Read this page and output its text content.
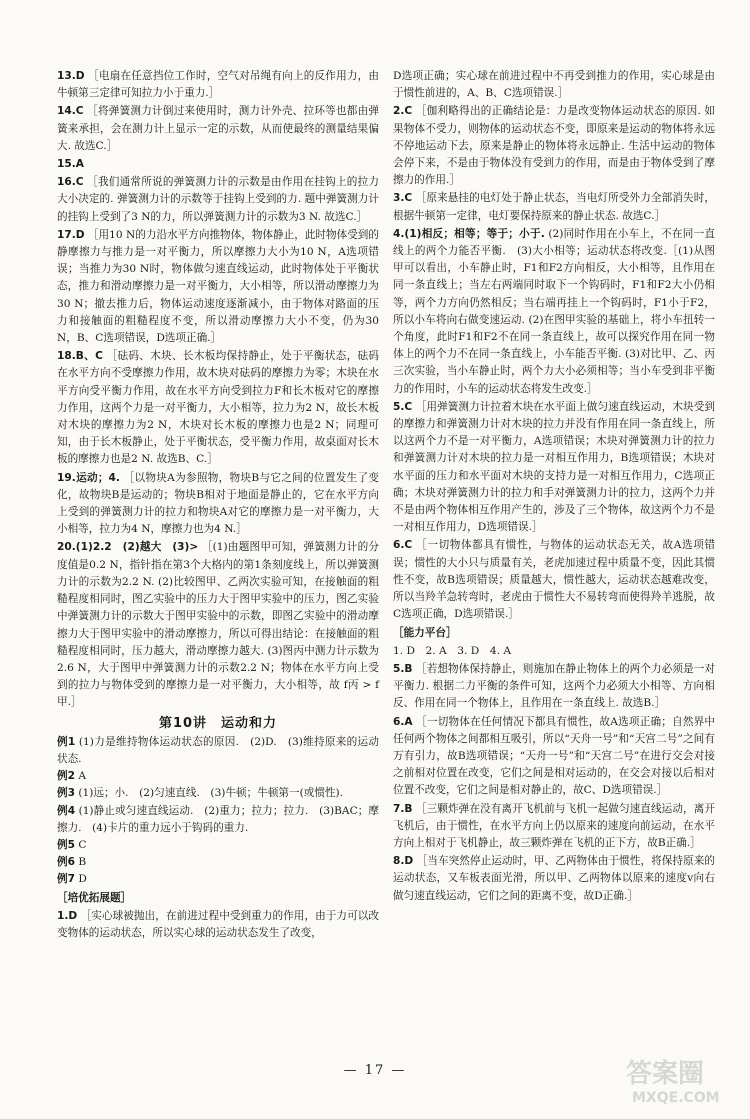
13.D ［电扇在任意挡位工作时，空气对吊绳有向上的反作用力，由牛顿第三定律可知拉力小于重力.］

14.C ［将弹簧测力计倒过来使用时，测力计外壳、拉环等也都由弹簧来承担，会在测力计上显示一定的示数，从而使最终的测量结果偏大. 故选C.］

15.A

16.C ［我们通常所说的弹簧测力计的示数是由作用在挂钩上的拉力大小决定的. 弹簧测力计的示数等于挂钩上受到的力. 题中弹簧测力计的挂钩上受到了3 N的力，所以弹簧测力计的示数为3 N. 故选C.］

17.D ［用10 N的力沿水平方向推物体，物体静止，此时物体受到的静摩擦力与推力是一对平衡力，所以摩擦力大小为10 N，A选项错误；当推力为30 N时，物体做匀速直线运动，此时物体处于平衡状态，推力和滑动摩擦力是一对平衡力，大小相等，所以滑动摩擦力为30 N；撤去推力后，物体运动速度逐渐减小，由于物体对路面的压力和接触面的粗糙程度不变，所以滑动摩擦力大小不变，仍为30 N，B、C选项错误，D选项正确.］

18.B、C ［砝码、木块、长木板均保持静止，处于平衡状态，砝码在水平方向不受摩擦力作用，故木块对砝码的摩擦力为零；木块在水平方向受平衡力作用，故在水平方向受到拉力F和长木板对它的摩擦力作用，这两个力是一对平衡力，大小相等，拉力为2 N，故长木板对木块的摩擦力为2 N，木块对长木板的摩擦力也是2 N；同理可知，由于长木板静止，处于平衡状态，受平衡力作用，故桌面对长木板的摩擦力也是2 N. 故选B、C.］

19.运动；4. ［以物块A为参照物，物块B与它之间的位置发生了变化，故物块B是运动的；物块B相对于地面是静止的，它在水平方向上受到的弹簧测力计的拉力和物块A对它的摩擦力是一对平衡力，大小相等，拉力为4 N，摩擦力也为4 N.］

20.(1)2.2　(2)越大　(3)> ［(1)由题图甲可知，弹簧测力计的分度值是0.2 N，指针指在第3个大格内的第1条刻度线上，所以弹簧测力计的示数为2.2 N. (2)比较图甲、乙两次实验可知，在接触面的粗糙程度相同时，图乙实验中的压力大于图甲实验中的压力，图乙实验中弹簧测力计的示数大于图甲实验中的示数，即图乙实验中的滑动摩擦力大于图甲实验中的滑动摩擦力，所以可得出结论：在接触面的粗糙程度相同时，压力越大，滑动摩擦力越大. (3)图丙中测力计示数为2.6 N，大于图甲中弹簧测力计的示数2.2 N；物体在水平方向上受到的拉力与物体受到的摩擦力是一对平衡力，大小相等，故 f丙 > f甲.］

第10讲　运动和力

例1 (1)力是维持物体运动状态的原因.　(2)D.　(3)维持原来的运动状态.

例2 A

例3 (1)远；小.　(2)匀速直线.　(3)牛顿；牛顿第一(或惯性).

例4 (1)静止或匀速直线运动.　(2)重力；拉力；拉力.　(3)BAC；摩擦力.　(4)卡片的重力远小于钩码的重力.

例5 C

例6 B

例7 D

［培优拓展题］

1.D ［实心球被抛出，在前进过程中受到重力的作用，由于力可以改变物体的运动状态，所以实心球的运动状态发生了改变，

D选项正确；实心球在前进过程中不再受到推力的作用，实心球是由于惯性前进的，A、B、C选项错误.］

2.C ［伽利略得出的正确结论是：力是改变物体运动状态的原因. 如果物体不受力，则物体的运动状态不变，即原来是运动的物体将永远不停地运动下去，原来是静止的物体将永远静止. 生活中运动的物体会停下来，不是由于物体没有受到力的作用，而是由于物体受到了摩擦力的作用.］

3.C ［原来悬挂的电灯处于静止状态，当电灯所受外力全部消失时，根据牛顿第一定律，电灯要保持原来的静止状态. 故选C.］

4.(1)相反；相等；等于；小于. (2)同时作用在小车上，不在同一直线上的两个力能否平衡.　(3)大小相等；运动状态将改变.［(1)从图甲可以看出，小车静止时，F1和F2方向相反，大小相等，且作用在同一条直线上；当左右两端同时取下一个钩码时，F1和F2大小仍相等，两个力方向仍然相反；当右端再挂上一个钩码时，F1小于F2，所以小车将向右做变速运动. (2)在图甲实验的基础上，将小车扭转一个角度，此时F1和F2不在同一条直线上，故可以探究作用在同一物体上的两个力不在同一条直线上，小车能否平衡. (3)对比甲、乙、丙三次实验，当小车静止时，两个力大小必须相等；当小车受到非平衡力的作用时，小车的运动状态将发生改变.］

5.C ［用弹簧测力计拉着木块在水平面上做匀速直线运动，木块受到的摩擦力和弹簧测力计对木块的拉力并没有作用在同一条直线上，所以这两个力不是一对平衡力，A选项错误；木块对弹簧测力计的拉力和弹簧测力计对木块的拉力是一对相互作用力，B选项错误；木块对水平面的压力和水平面对木块的支持力是一对相互作用力，C选项正确；木块对弹簧测力计的拉力和手对弹簧测力计的拉力，这两个力并不是由两个物体相互作用产生的，涉及了三个物体，故这两个力不是一对相互作用力，D选项错误.］

6.C ［一切物体都具有惯性，与物体的运动状态无关，故A选项错误；惯性的大小只与质量有关，老虎加速过程中质量不变，因此其惯性不变，故B选项错误；质量越大，惯性越大，运动状态越难改变，所以当羚羊急转弯时，老虎由于惯性大不易转弯而使得羚羊逃脱，故C选项正确，D选项错误.］

［能力平台］

1. D　2. A　3. D　4. A

5.B ［若想物体保持静止，则施加在静止物体上的两个力必须是一对平衡力. 根据二力平衡的条件可知，这两个力必须大小相等、方向相反、作用在同一个物体上，且作用在一条直线上. 故选B.］

6.A ［一切物体在任何情况下都具有惯性，故A选项正确；自然界中任何两个物体之间都相互吸引，所以“天舟一号”和“天宫二号”之间有万有引力，故B选项错误；“天舟一号”和“天宫二号”在进行交会对接之前相对位置在改变，它们之间是相对运动的，在交会对接以后相对位置不改变，它们之间是相对静止的，故C、D选项错误.］

7.B ［三颗炸弹在没有离开飞机前与飞机一起做匀速直线运动，离开飞机后，由于惯性，在水平方向上仍以原来的速度向前运动，在水平方向上相对于飞机静止，故三颗炸弹在飞机的正下方，故B正确.］

8.D ［当车突然停止运动时，甲、乙两物体由于惯性，将保持原来的运动状态，又车板表面光滑，所以甲、乙两物体以原来的速度v向右做匀速直线运动，它们之间的距离不变，故D正确.］

— 17 —	答案圈
MXQE.COM
